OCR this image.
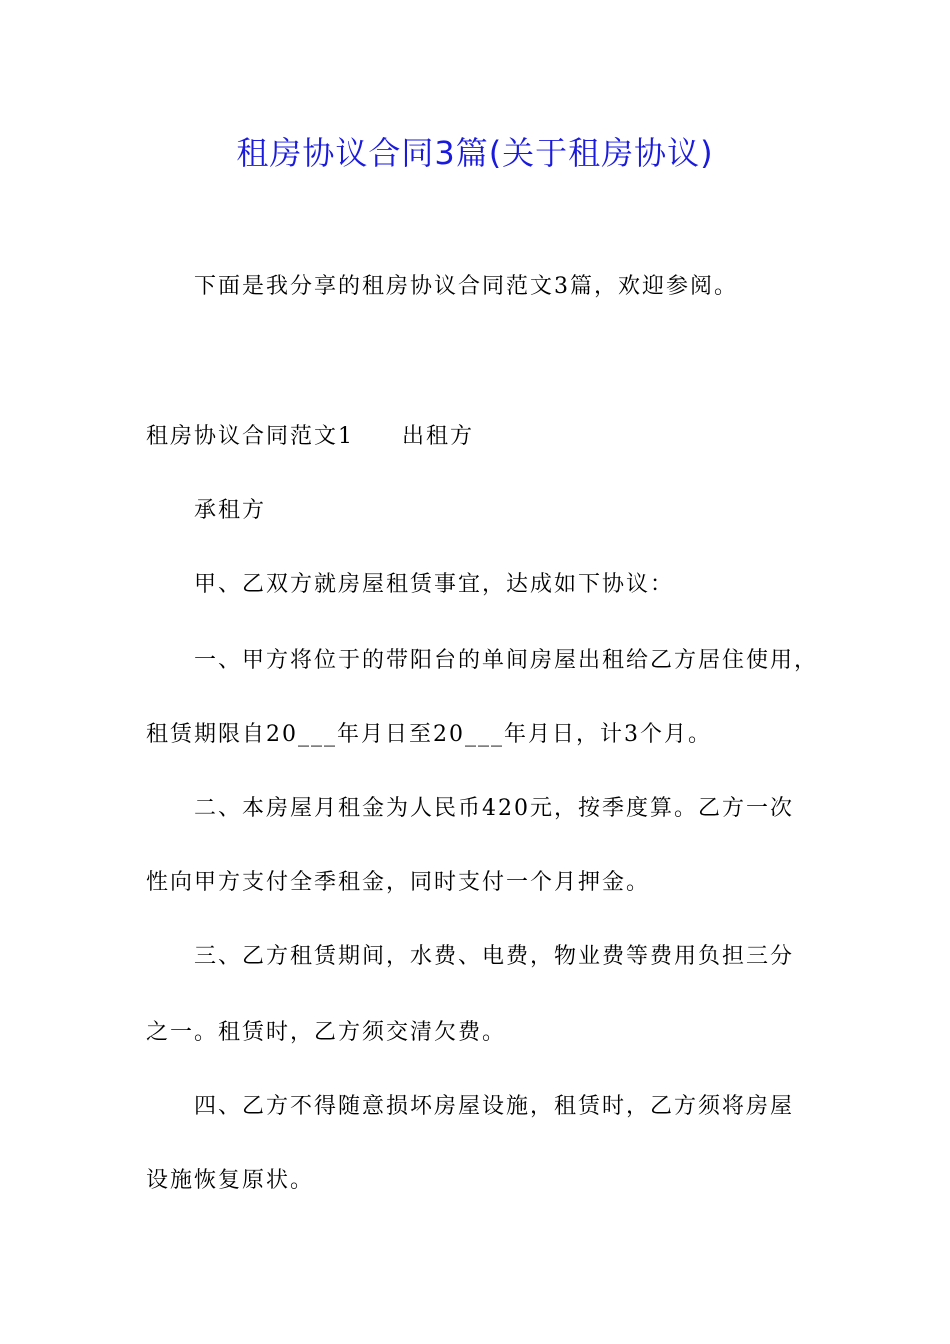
租房协议合同3篇(关于租房协议)
下面是我分享的租房协议合同范文3篇，欢迎参阅。
租房协议合同范文1 出租方
承租方
甲、乙双方就房屋租赁事宜，达成如下协议：
一、甲方将位于的带阳台的单间房屋出租给乙方居住使用，
租赁期限自20___年月日至20___年月日，计3个月。
二、本房屋月租金为人民币420元，按季度算。乙方一次
性向甲方支付全季租金，同时支付一个月押金。
三、乙方租赁期间，水费、电费，物业费等费用负担三分
之一。租赁时，乙方须交清欠费。
四、乙方不得随意损坏房屋设施，租赁时，乙方须将房屋
设施恢复原状。
